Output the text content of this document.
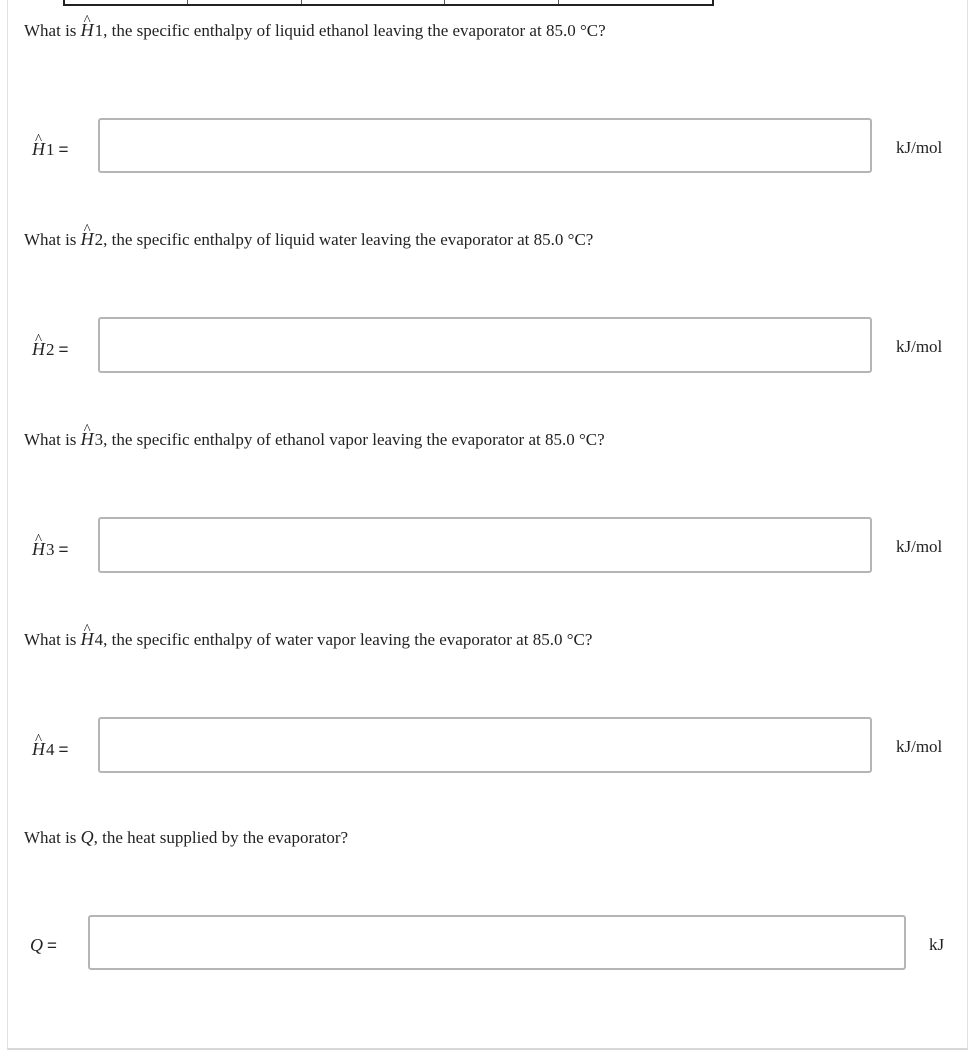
What is ^ H1, the specific enthalpy of liquid ethanol leaving the evaporator at 85.0 °C?
^ H1 =	kJ/mol
What is ^ H2, the specific enthalpy of liquid water leaving the evaporator at 85.0 °C?
^ H2 =	kJ/mol
What is ^ H3, the specific enthalpy of ethanol vapor leaving the evaporator at 85.0 °C?
^ H3 =	kJ/mol
What is ^ H4, the specific enthalpy of water vapor leaving the evaporator at 85.0 °C?
^ H4 =	kJ/mol
What is Q, the heat supplied by the evaporator?
Q =	kJ
